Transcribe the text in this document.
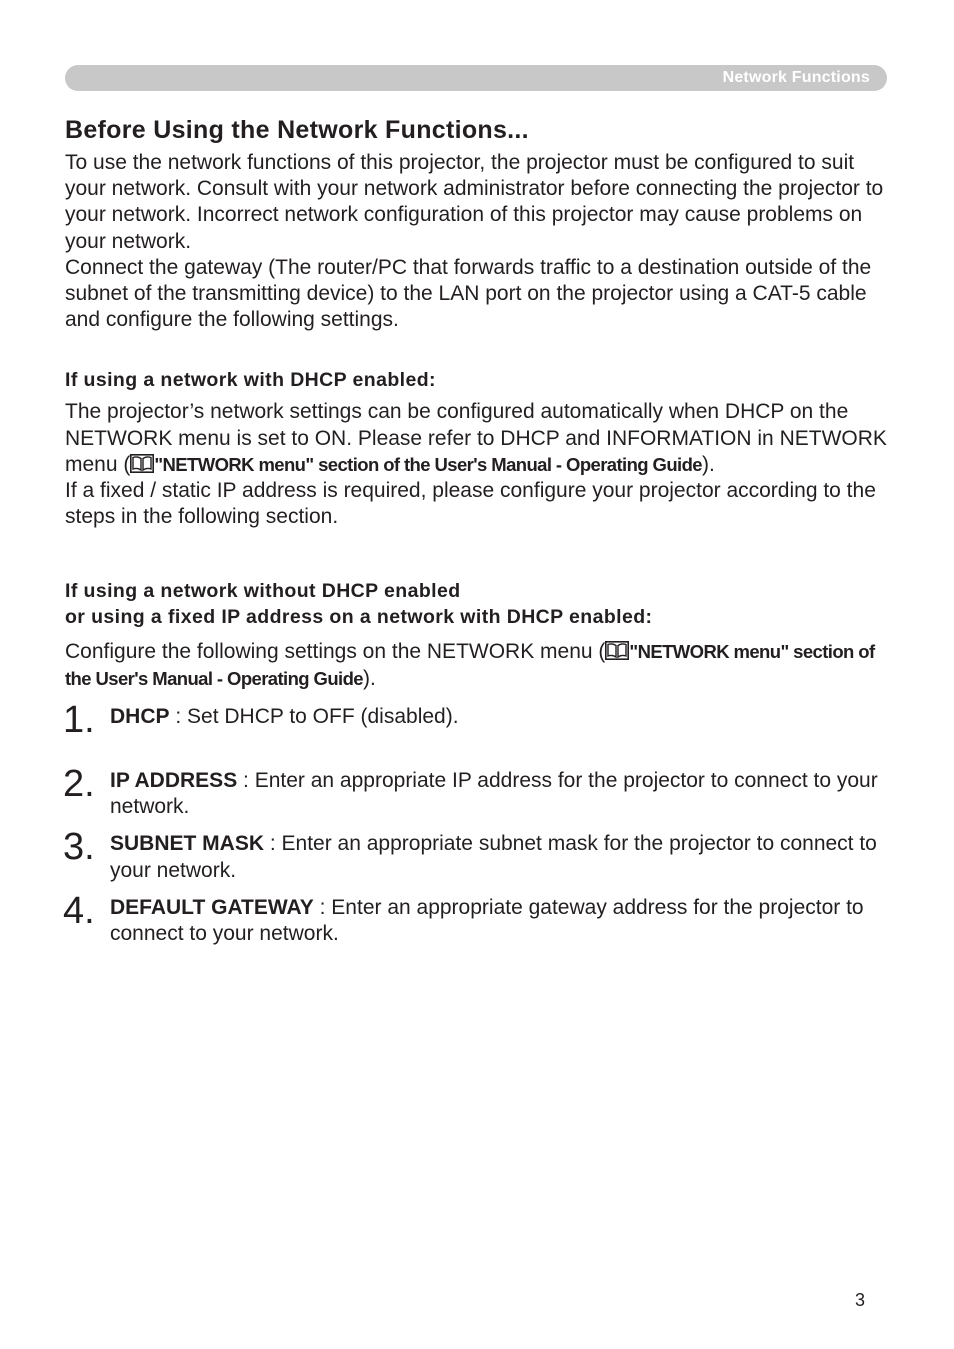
Network Functions
Before Using the Network Functions...

To use the network functions of this projector, the projector must be configured to suit your network. Consult with your network administrator before connecting the projector to your network. Incorrect network configuration of this projector may cause problems on your network.

Connect the gateway (The router/PC that forwards traffic to a destination outside of the subnet of the transmitting device) to the LAN port on the projector using a CAT-5 cable and configure the following settings.

If using a network with DHCP enabled:

The projector’s network settings can be configured automatically when DHCP on the NETWORK menu is set to ON. Please refer to DHCP and INFORMATION in NETWORK menu ( "NETWORK menu" section of the User's Manual - Operating Guide).

If a fixed / static IP address is required, please configure your projector according to the steps in the following section.

If using a network without DHCP enabled
or using a fixed IP address on a network with DHCP enabled:

Configure the following settings on the NETWORK menu ( "NETWORK menu" section of the User's Manual - Operating Guide).

1. DHCP : Set DHCP to OFF (disabled).
2. IP ADDRESS : Enter an appropriate IP address for the projector to connect to your network.
3. SUBNET MASK : Enter an appropriate subnet mask for the projector to connect to your network.
4. DEFAULT GATEWAY : Enter an appropriate gateway address for the projector to connect to your network.
3
